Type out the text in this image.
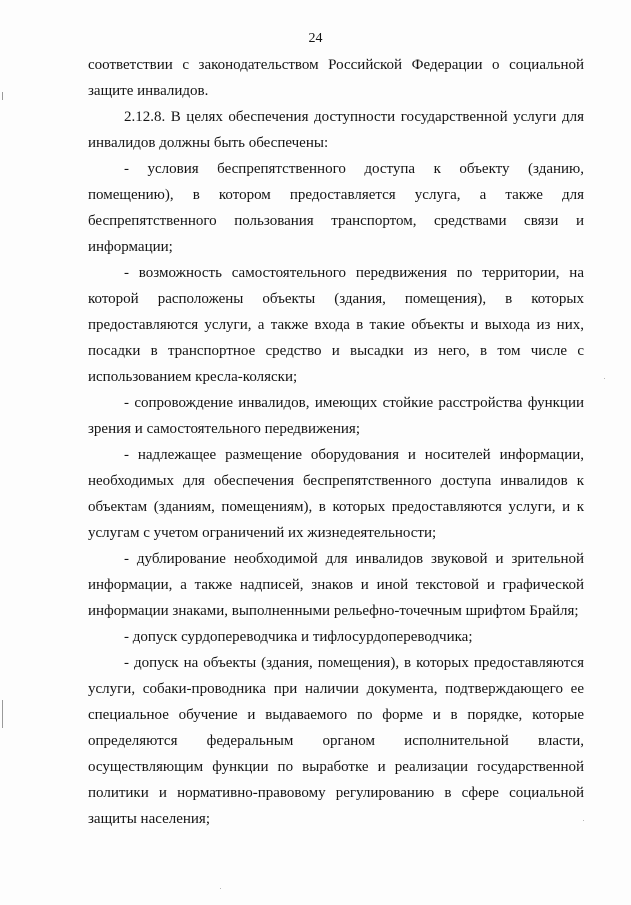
24

соответствии с законодательством Российской Федерации о социальной защите инвалидов.

2.12.8. В целях обеспечения доступности государственной услуги для инвалидов должны быть обеспечены:

- условия беспрепятственного доступа к объекту (зданию, помещению), в котором предоставляется услуга, а также для беспрепятственного пользования транспортом, средствами связи и информации;

- возможность самостоятельного передвижения по территории, на которой расположены объекты (здания, помещения), в которых предоставляются услуги, а также входа в такие объекты и выхода из них, посадки в транспортное средство и высадки из него, в том числе с использованием кресла-коляски;

- сопровождение инвалидов, имеющих стойкие расстройства функции зрения и самостоятельного передвижения;

- надлежащее размещение оборудования и носителей информации, необходимых для обеспечения беспрепятственного доступа инвалидов к объектам (зданиям, помещениям), в которых предоставляются услуги, и к услугам с учетом ограничений их жизнедеятельности;

- дублирование необходимой для инвалидов звуковой и зрительной информации, а также надписей, знаков и иной текстовой и графической информации знаками, выполненными рельефно-точечным шрифтом Брайля;

- допуск сурдопереводчика и тифлосурдопереводчика;

- допуск на объекты (здания, помещения), в которых предоставляются услуги, собаки-проводника при наличии документа, подтверждающего ее специальное обучение и выдаваемого по форме и в порядке, которые определяются федеральным органом исполнительной власти, осуществляющим функции по выработке и реализации государственной политики и нормативно-правовому регулированию в сфере социальной защиты населения;
